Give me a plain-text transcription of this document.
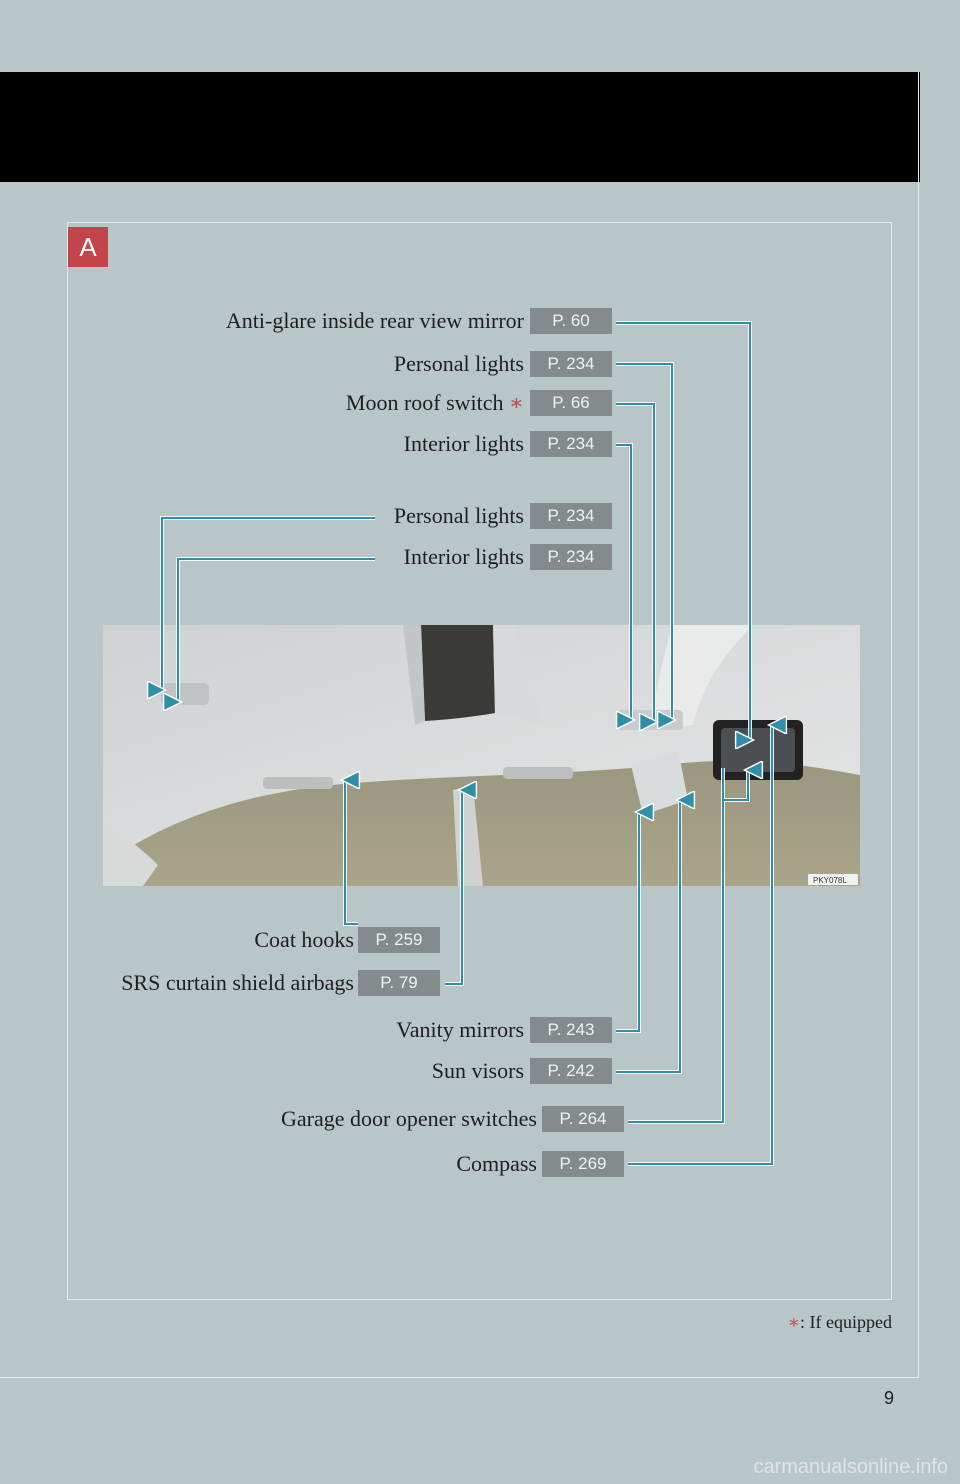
A
Anti-glare inside rear view mirror	P. 60
Personal lights	P. 234
Moon roof switch ∗	P. 66
Interior lights	P. 234
Personal lights	P. 234
Interior lights	P. 234
PKY078L
Coat hooks	P. 259
SRS curtain shield airbags	P. 79
Vanity mirrors	P. 243
Sun visors	P. 242
Garage door opener switches	P. 264
Compass	P. 269
∗: If equipped
9
carmanualsonline.info
